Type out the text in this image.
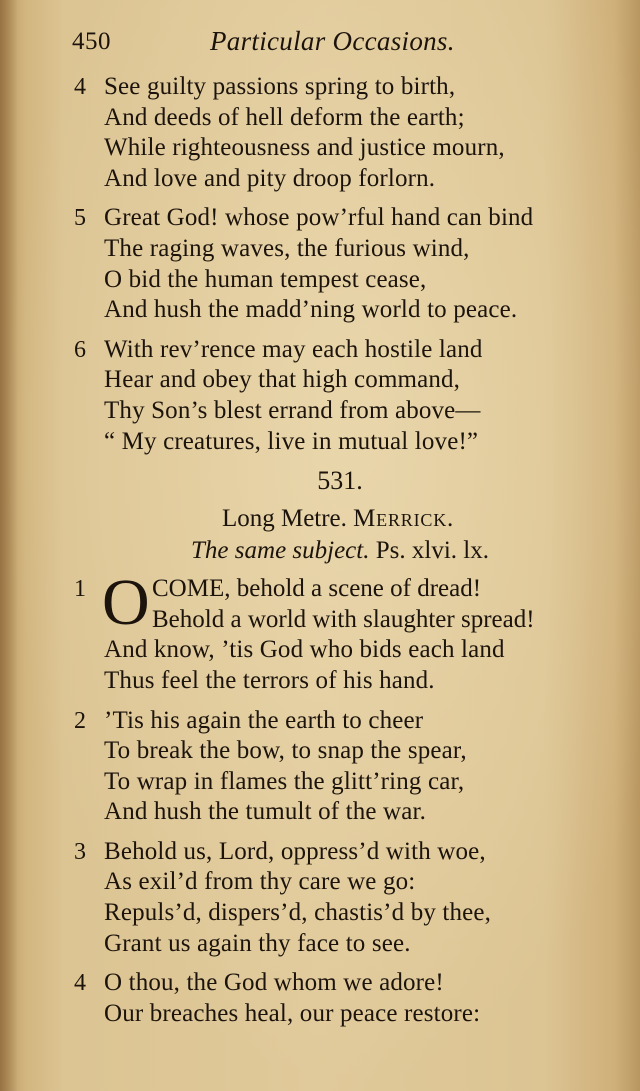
450	Particular Occasions.
4 See guilty passions spring to birth,
And deeds of hell deform the earth;
While righteousness and justice mourn,
And love and pity droop forlorn.
5 Great God! whose pow’rful hand can bind
The raging waves, the furious wind,
O bid the human tempest cease,
And hush the madd’ning world to peace.
6 With rev’rence may each hostile land
Hear and obey that high command,
Thy Son’s blest errand from above—
“ My creatures, live in mutual love!”
531.
Long Metre. Merrick.
The same subject. Ps. xlvi. lx.
1 O COME, behold a scene of dread!
Behold a world with slaughter spread!
And know, ’tis God who bids each land
Thus feel the terrors of his hand.
2 ’Tis his again the earth to cheer
To break the bow, to snap the spear,
To wrap in flames the glitt’ring car,
And hush the tumult of the war.
3 Behold us, Lord, oppress’d with woe,
As exil’d from thy care we go:
Repuls’d, dispers’d, chastis’d by thee,
Grant us again thy face to see.
4 O thou, the God whom we adore!
Our breaches heal, our peace restore:
